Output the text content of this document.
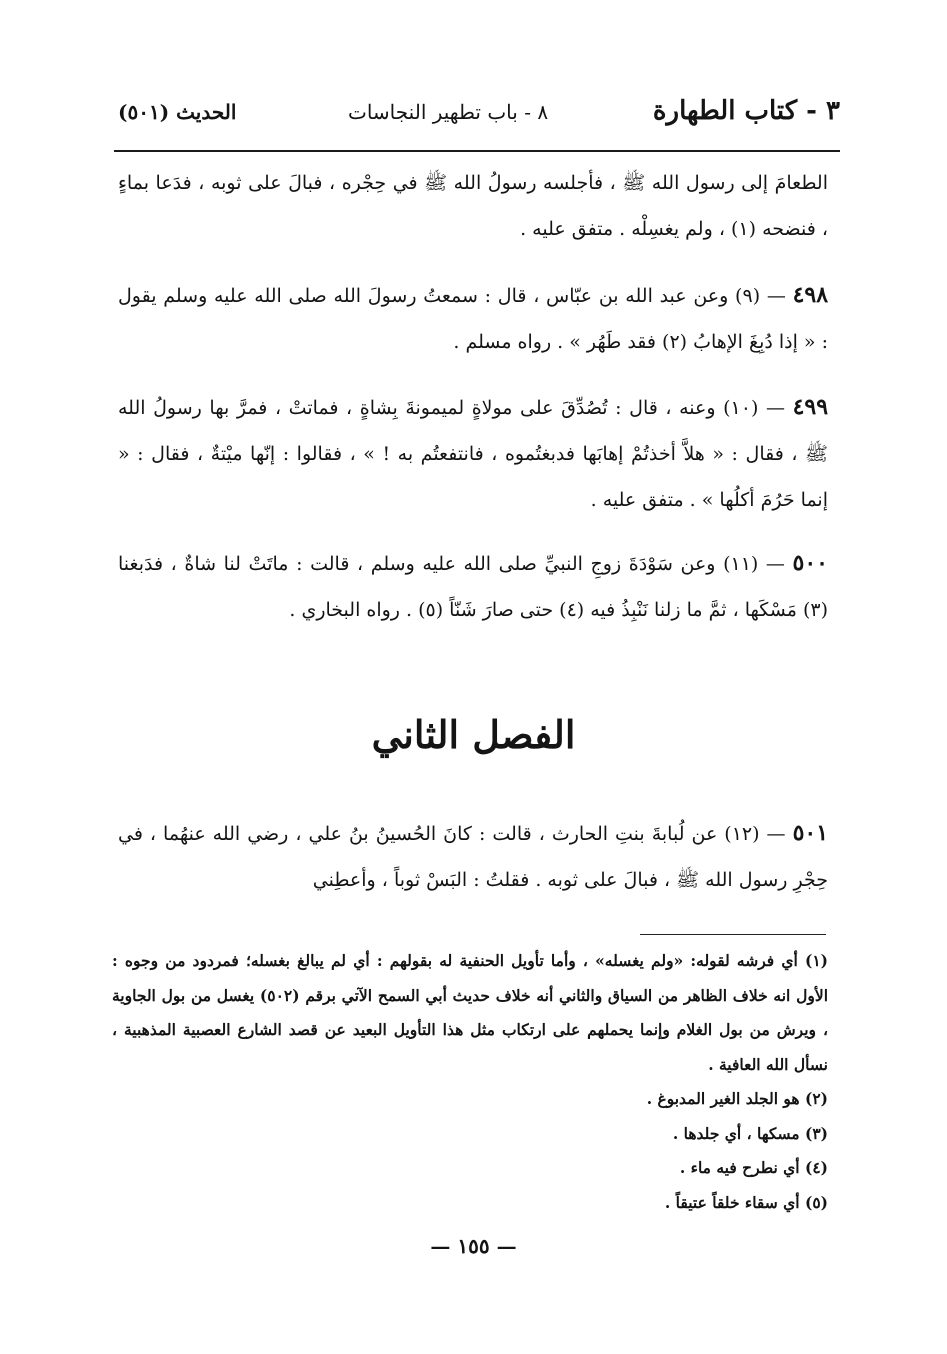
٣ - كتاب الطهارة
٨ - باب تطهير النجاسات
الحديث (٥٠١)
الطعامَ إلى رسول الله ﷺ ، فأجلسه رسولُ الله ﷺ في حِجْره ، فبالَ على ثوبه ، فدَعا بماءٍ ، فنضحه (١) ، ولم يغسِلْه . متفق عليه .
٤٩٨ — (٩) وعن عبد الله بن عبّاس ، قال : سمعتُ رسولَ الله صلى الله عليه وسلم يقول : « إذا دُبِغَ الإهابُ (٢) فقد طَهُر » . رواه مسلم .
٤٩٩ — (١٠) وعنه ، قال : تُصُدِّقَ على مولاةٍ لميمونةَ بِشاةٍ ، فماتتْ ، فمرَّ بها رسولُ الله ﷺ ، فقال : « هلاَّ أخذتُمْ إهابَها فدبغتُموه ، فانتفعتُم به ! » ، فقالوا : إنّها ميْتةٌ ، فقال : « إنما حَرُمَ أكلُها » . متفق عليه .
٥٠٠ — (١١) وعن سَوْدَةَ زوجِ النبيِّ صلى الله عليه وسلم ، قالت : ماتَتْ لنا شاةٌ ، فدَبغنا (٣) مَسْكَها ، ثمَّ ما زلنا نَنْبِذُ فيه (٤) حتى صارَ شَنّاً (٥) . رواه البخاري .
الفصل الثاني
٥٠١ — (١٢) عن لُبابةَ بنتِ الحارث ، قالت : كانَ الحُسينُ بنُ علي ، رضي الله عنهُما ، في حِجْرِ رسول الله ﷺ ، فبالَ على ثوبه . فقلتُ : البَسْ ثوباً ، وأعطِني

(١) أي فرشه لقوله: «ولم يغسله» ، وأما تأويل الحنفية له بقولهم : أي لم يبالغ بغسله؛ فمردود من وجوه : الأول انه خلاف الظاهر من السياق والثاني أنه خلاف حديث أبي السمح الآتي برقم (٥٠٢) يغسل من بول الجاوية ، ويرش من بول الغلام وإنما يحملهم على ارتكاب مثل هذا التأويل البعيد عن قصد الشارع العصبية المذهبية ، نسأل الله العافية .

(٢) هو الجلد الغير المدبوغ .

(٣) مسكها ، أي جلدها .

(٤) أي نطرح فيه ماء .

(٥) أي سقاء خلقاً عتيقاً .

— ١٥٥ —
